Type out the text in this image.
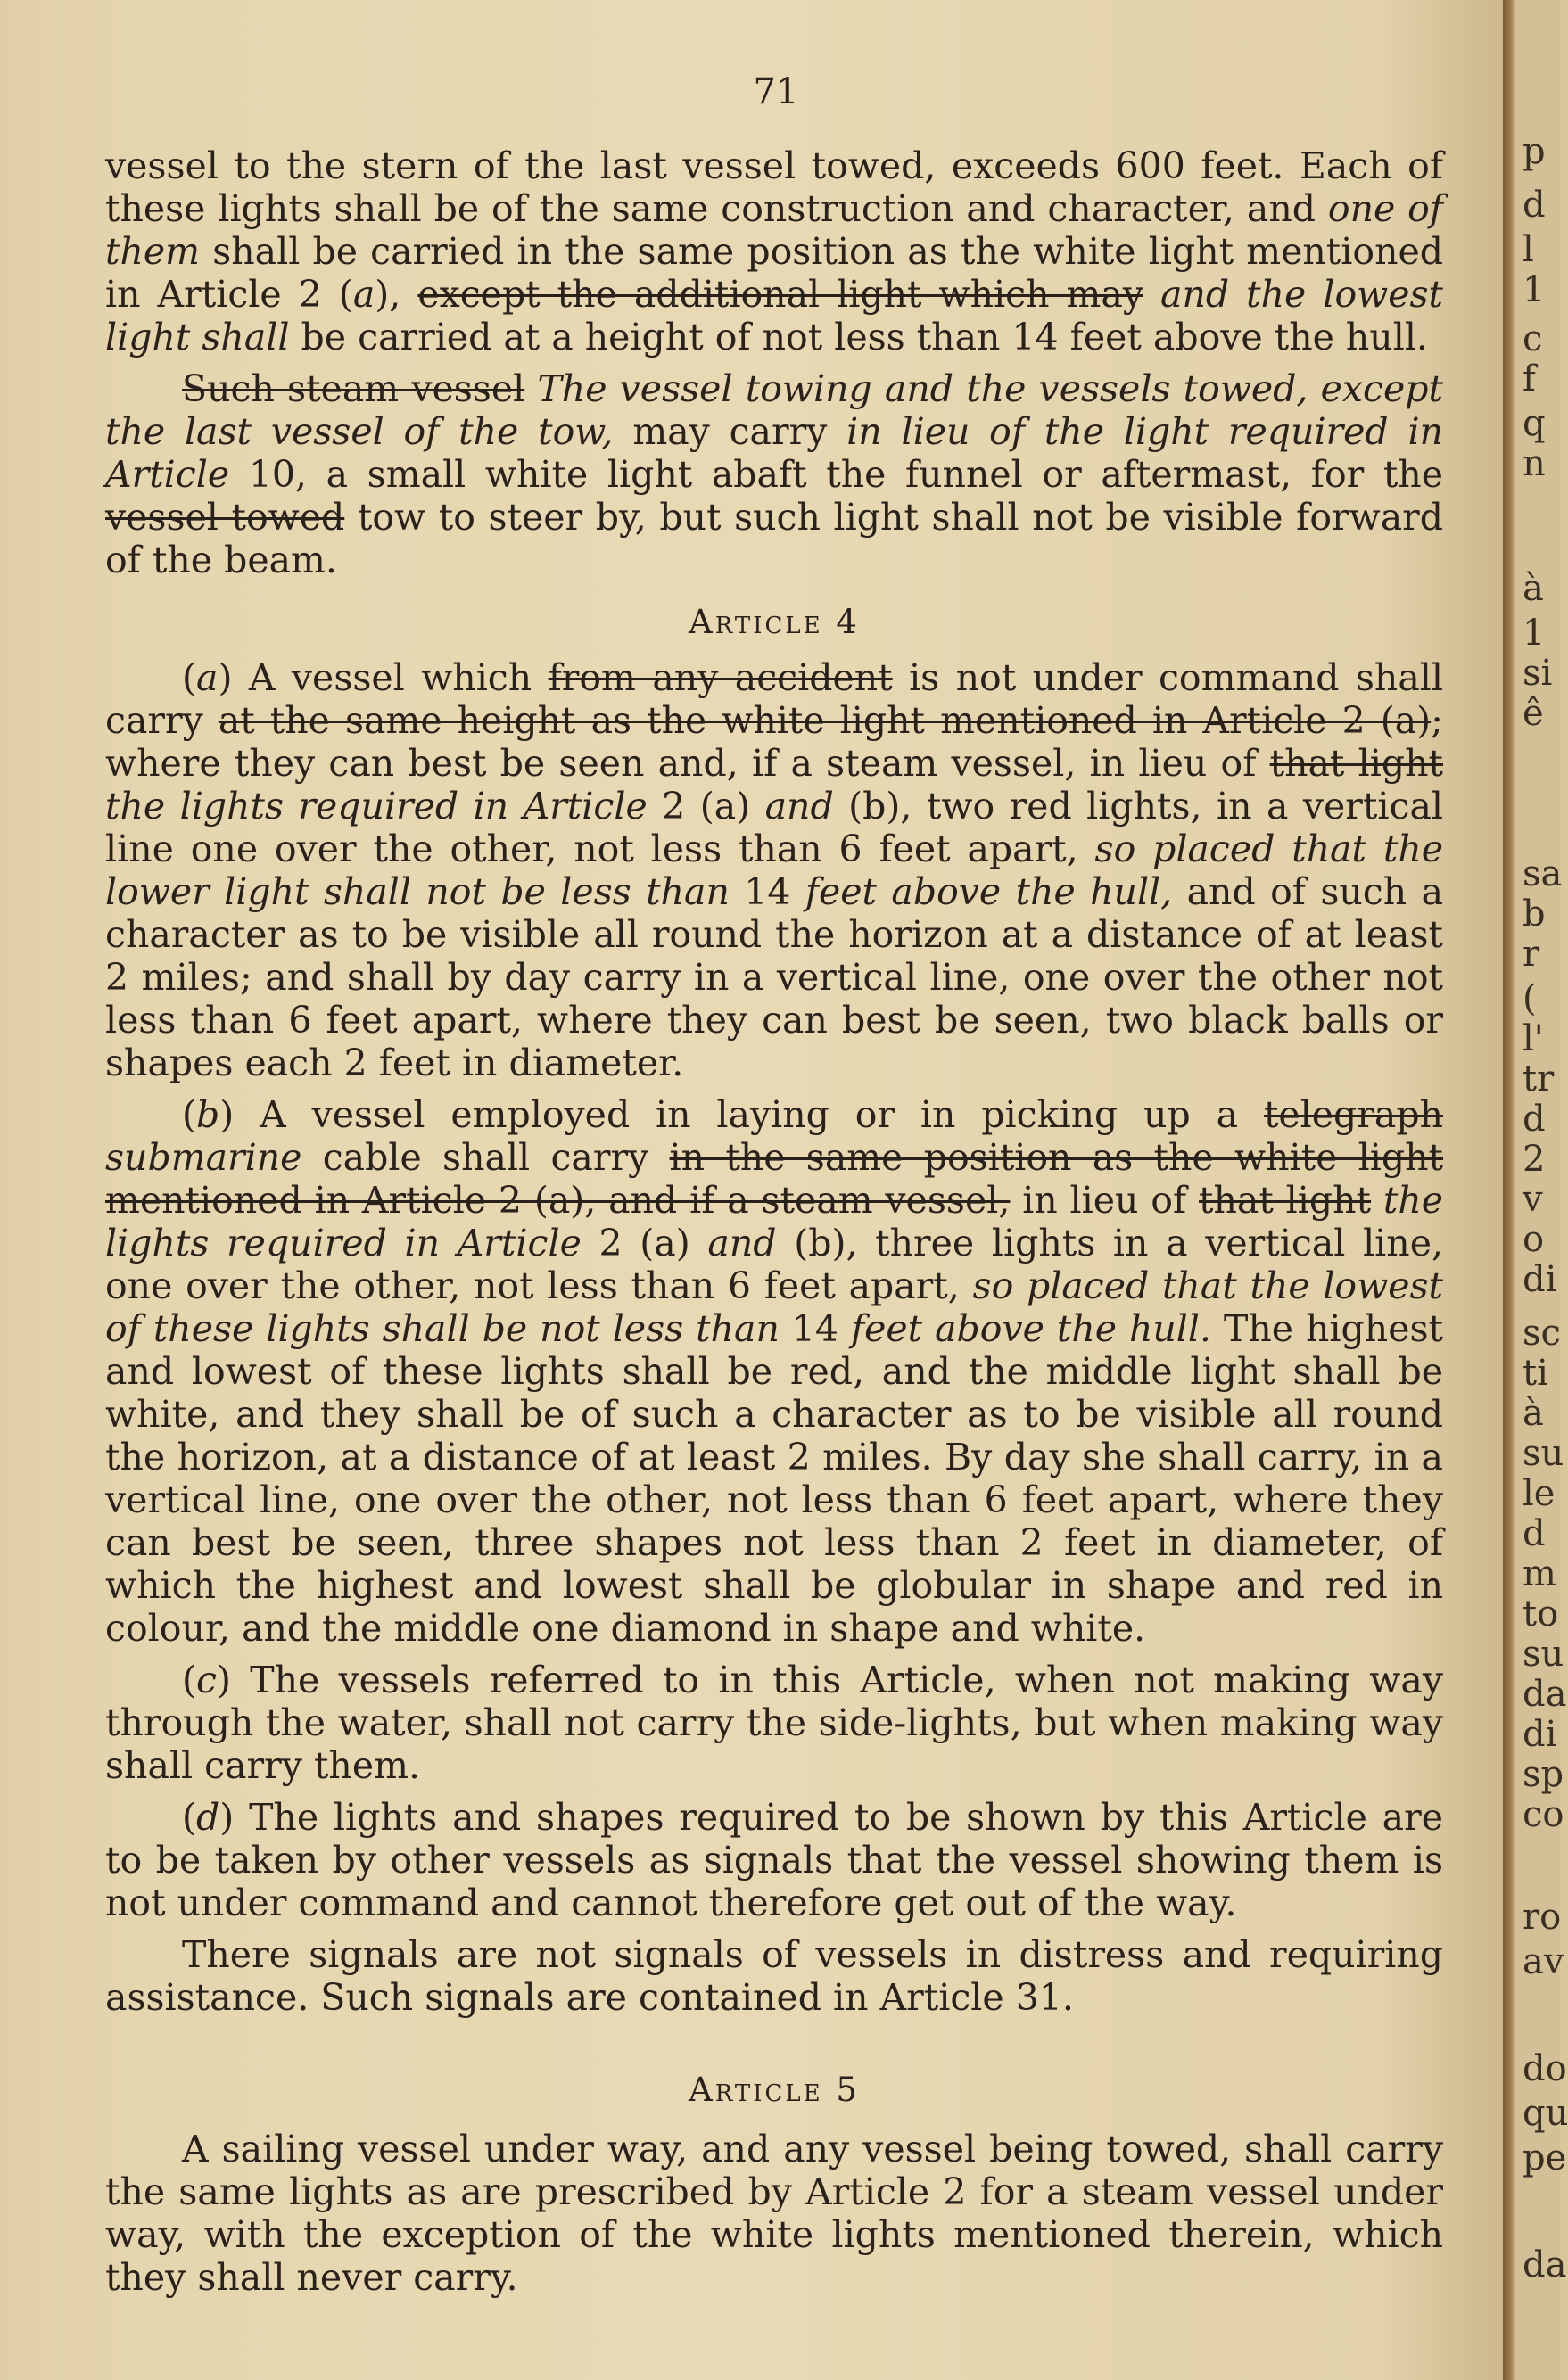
p
d
l
1
c
f
q
n
à
1
si
ê
sa
b
r
(
l'
tr
d
2
v
o
di
sc
ti
à
su
le
d
m
to
su
da
di
sp
co
ro
av
do
qu
pe
da
71

vessel to the stern of the last vessel towed, exceeds 600 feet. Each of these lights shall be of the same construction and character, and one of them shall be carried in the same position as the white light mentioned in Article 2 (a), except the additional light which may and the lowest light shall be carried at a height of not less than 14 feet above the hull.

Such steam vessel The vessel towing and the vessels towed, except the last vessel of the tow, may carry in lieu of the light required in Article 10, a small white light abaft the funnel or aftermast, for the vessel towed tow to steer by, but such light shall not be visible forward of the beam.

Article 4

(a) A vessel which from any accident is not under command shall carry at the same height as the white light mentioned in Article 2 (a); where they can best be seen and, if a steam vessel, in lieu of that light the lights required in Article 2 (a) and (b), two red lights, in a vertical line one over the other, not less than 6 feet apart, so placed that the lower light shall not be less than 14 feet above the hull, and of such a character as to be visible all round the horizon at a distance of at least 2 miles; and shall by day carry in a vertical line, one over the other not less than 6 feet apart, where they can best be seen, two black balls or shapes each 2 feet in diameter.

(b) A vessel employed in laying or in picking up a telegraph submarine cable shall carry in the same position as the white light mentioned in Article 2 (a), and if a steam vessel, in lieu of that light the lights required in Article 2 (a) and (b), three lights in a vertical line, one over the other, not less than 6 feet apart, so placed that the lowest of these lights shall be not less than 14 feet above the hull. The highest and lowest of these lights shall be red, and the middle light shall be white, and they shall be of such a character as to be visible all round the horizon, at a distance of at least 2 miles. By day she shall carry, in a vertical line, one over the other, not less than 6 feet apart, where they can best be seen, three shapes not less than 2 feet in diameter, of which the highest and lowest shall be globular in shape and red in colour, and the middle one diamond in shape and white.

(c) The vessels referred to in this Article, when not making way through the water, shall not carry the side-lights, but when making way shall carry them.

(d) The lights and shapes required to be shown by this Article are to be taken by other vessels as signals that the vessel showing them is not under command and cannot therefore get out of the way.

There signals are not signals of vessels in distress and requiring assistance. Such signals are contained in Article 31.

Article 5

A sailing vessel under way, and any vessel being towed, shall carry the same lights as are prescribed by Article 2 for a steam vessel under way, with the exception of the white lights mentioned therein, which they shall never carry.
